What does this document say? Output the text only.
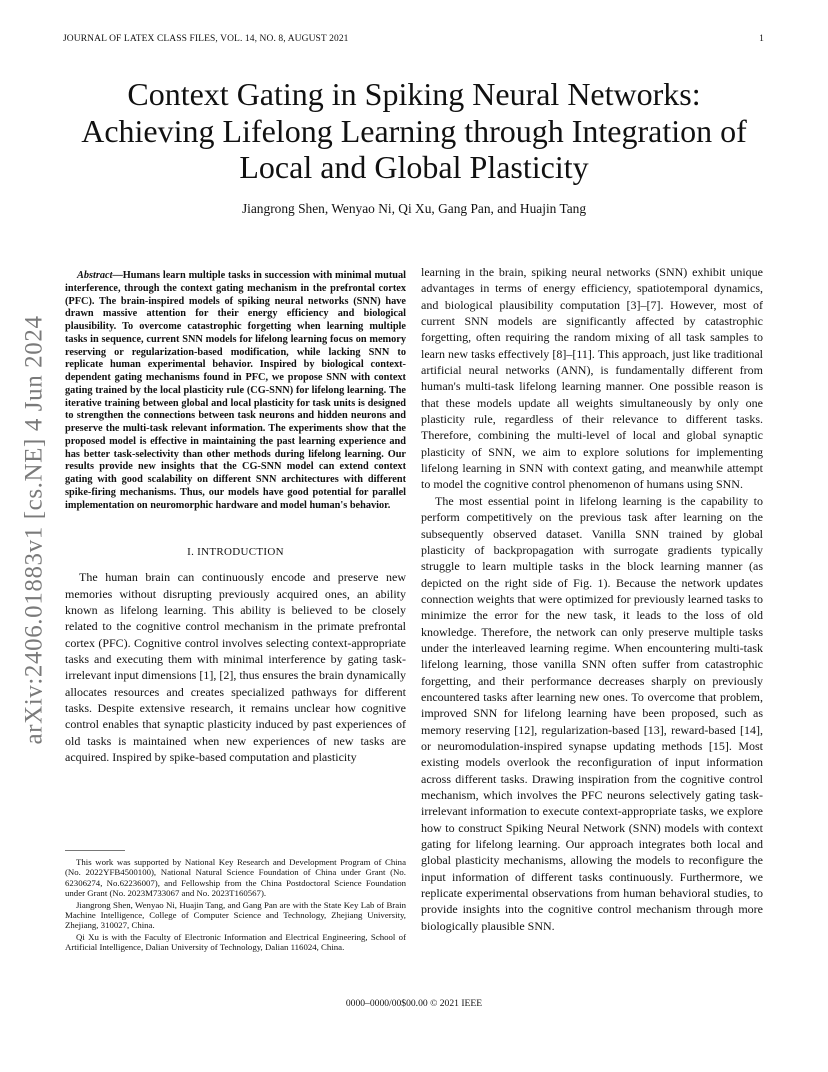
JOURNAL OF LATEX CLASS FILES, VOL. 14, NO. 8, AUGUST 2021	1
Context Gating in Spiking Neural Networks:
Achieving Lifelong Learning through Integration of
Local and Global Plasticity
Jiangrong Shen, Wenyao Ni, Qi Xu, Gang Pan, and Huajin Tang
arXiv:2406.01883v1 [cs.NE] 4 Jun 2024

Abstract—Humans learn multiple tasks in succession with minimal mutual interference, through the context gating mechanism in the prefrontal cortex (PFC). The brain-inspired models of spiking neural networks (SNN) have drawn massive attention for their energy efficiency and biological plausibility. To overcome catastrophic forgetting when learning multiple tasks in sequence, current SNN models for lifelong learning focus on memory reserving or regularization-based modification, while lacking SNN to replicate human experimental behavior. Inspired by biological context-dependent gating mechanisms found in PFC, we propose SNN with context gating trained by the local plasticity rule (CG-SNN) for lifelong learning. The iterative training between global and local plasticity for task units is designed to strengthen the connections between task neurons and hidden neurons and preserve the multi-task relevant information. The experiments show that the proposed model is effective in maintaining the past learning experience and has better task-selectivity than other methods during lifelong learning. Our results provide new insights that the CG-SNN model can extend context gating with good scalability on different SNN architectures with different spike-firing mechanisms. Thus, our models have good potential for parallel implementation on neuromorphic hardware and model human's behavior.

I. INTRODUCTION

The human brain can continuously encode and preserve new memories without disrupting previously acquired ones, an ability known as lifelong learning. This ability is believed to be closely related to the cognitive control mechanism in the primate prefrontal cortex (PFC). Cognitive control involves selecting context-appropriate tasks and executing them with minimal interference by gating task-irrelevant input dimensions [1], [2], thus ensures the brain dynamically allocates resources and creates specialized pathways for different tasks. Despite extensive research, it remains unclear how cognitive control enables that synaptic plasticity induced by past experiences of old tasks is maintained when new experiences of new tasks are acquired. Inspired by spike-based computation and plasticity

This work was supported by National Key Research and Development Program of China (No. 2022YFB4500100), National Natural Science Foundation of China under Grant (No. 62306274, No.62236007), and Fellowship from the China Postdoctoral Science Foundation under Grant (No. 2023M733067 and No. 2023T160567).

Jiangrong Shen, Wenyao Ni, Huajin Tang, and Gang Pan are with the State Key Lab of Brain Machine Intelligence, College of Computer Science and Technology, Zhejiang University, Zhejiang, 310027, China.

Qi Xu is with the Faculty of Electronic Information and Electrical Engineering, School of Artificial Intelligence, Dalian University of Technology, Dalian 116024, China.

learning in the brain, spiking neural networks (SNN) exhibit unique advantages in terms of energy efficiency, spatiotemporal dynamics, and biological plausibility computation [3]–[7]. However, most of current SNN models are significantly affected by catastrophic forgetting, often requiring the random mixing of all task samples to learn new tasks effectively [8]–[11]. This approach, just like traditional artificial neural networks (ANN), is fundamentally different from human's multi-task lifelong learning manner. One possible reason is that these models update all weights simultaneously by only one plasticity rule, regardless of their relevance to different tasks. Therefore, combining the multi-level of local and global synaptic plasticity of SNN, we aim to explore solutions for implementing lifelong learning in SNN with context gating, and meanwhile attempt to model the cognitive control phenomenon of humans using SNN.

The most essential point in lifelong learning is the capability to perform competitively on the previous task after learning on the subsequently observed dataset. Vanilla SNN trained by global plasticity of backpropagation with surrogate gradients typically struggle to learn multiple tasks in the block learning manner (as depicted on the right side of Fig. 1). Because the network updates connection weights that were optimized for previously learned tasks to minimize the error for the new task, it leads to the loss of old knowledge. Therefore, the network can only preserve multiple tasks under the interleaved learning regime. When encountering multi-task lifelong learning, those vanilla SNN often suffer from catastrophic forgetting, and their performance decreases sharply on previously encountered tasks after learning new ones. To overcome that problem, improved SNN for lifelong learning have been proposed, such as memory reserving [12], regularization-based [13], reward-based [14], or neuromodulation-inspired synapse updating methods [15]. Most existing models overlook the reconfiguration of input information across different tasks. Drawing inspiration from the cognitive control mechanism, which involves the PFC neurons selectively gating task-irrelevant information to execute context-appropriate tasks, we explore how to construct Spiking Neural Network (SNN) models with context gating for lifelong learning. Our approach integrates both local and global plasticity mechanisms, allowing the models to reconfigure the input information of different tasks continuously. Furthermore, we replicate experimental observations from human behavioral studies, to provide insights into the cognitive control mechanism through more biologically plausible SNN.

0000–0000/00$00.00 © 2021 IEEE
